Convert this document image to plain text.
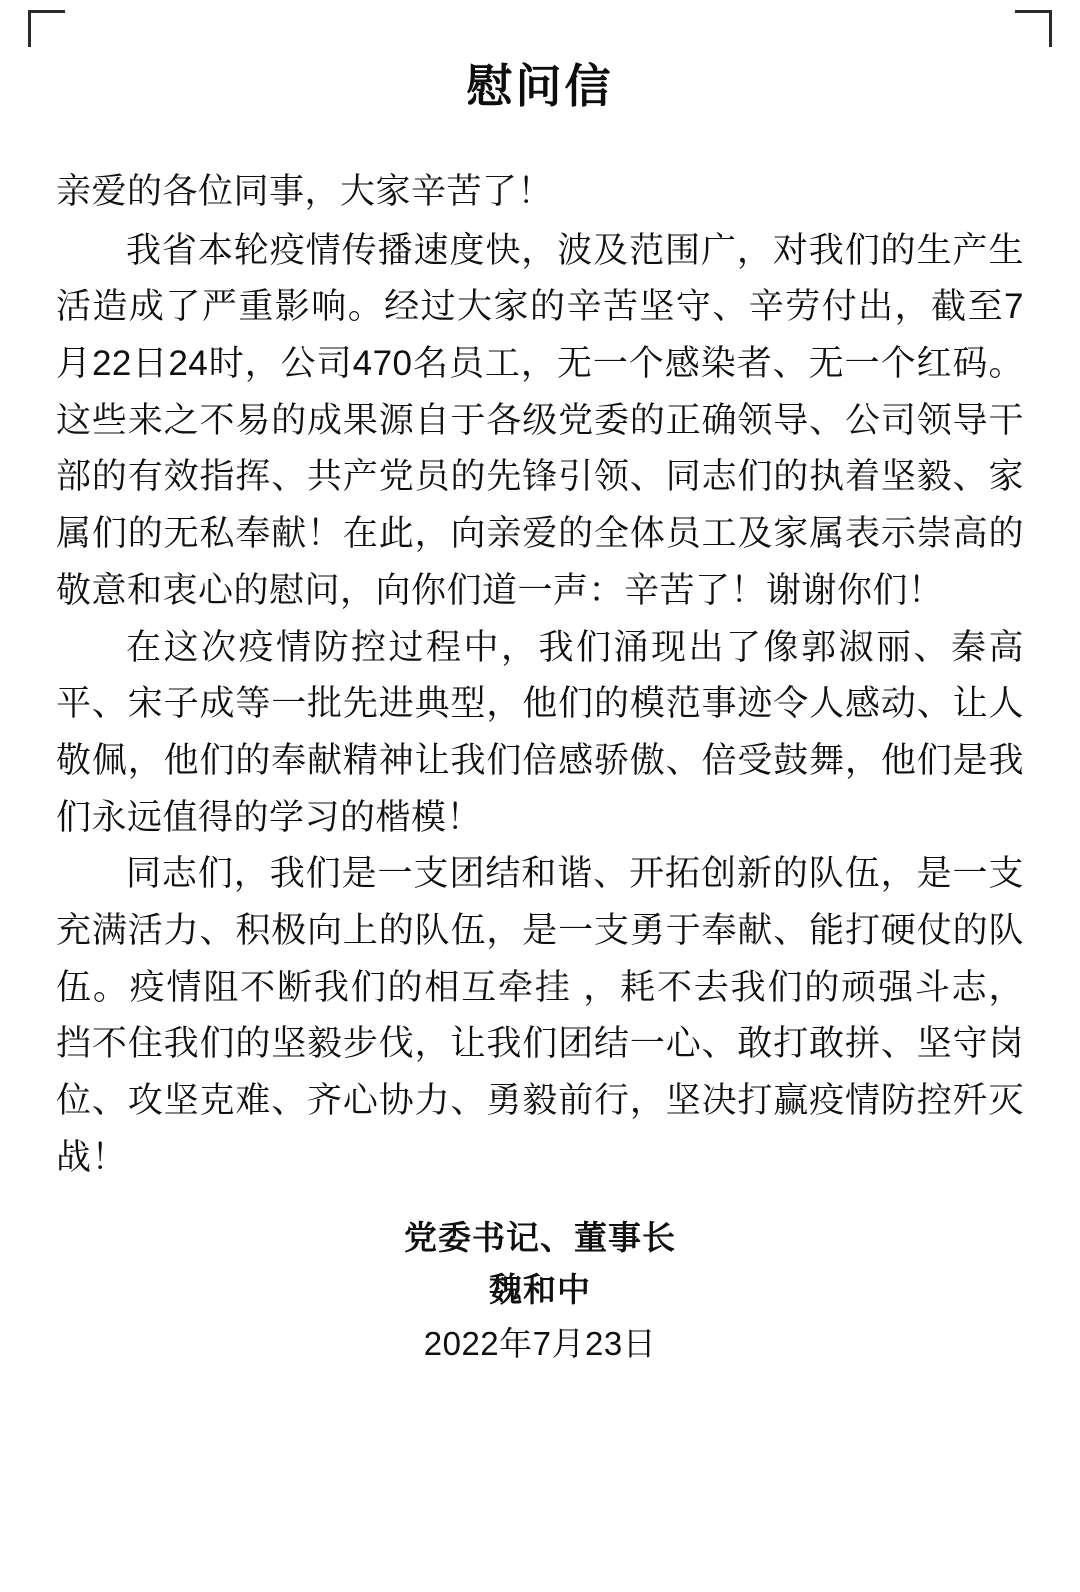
慰问信

亲爱的各位同事，大家辛苦了！

我省本轮疫情传播速度快，波及范围广，对我们的生产生活造成了严重影响。经过大家的辛苦坚守、辛劳付出，截至7月22日24时，公司470名员工，无一个感染者、无一个红码。这些来之不易的成果源自于各级党委的正确领导、公司领导干部的有效指挥、共产党员的先锋引领、同志们的执着坚毅、家属们的无私奉献！在此，向亲爱的全体员工及家属表示崇高的敬意和衷心的慰问，向你们道一声：辛苦了！谢谢你们！

在这次疫情防控过程中，我们涌现出了像郭淑丽、秦高平、宋子成等一批先进典型，他们的模范事迹令人感动、让人敬佩，他们的奉献精神让我们倍感骄傲、倍受鼓舞，他们是我们永远值得的学习的楷模！

同志们，我们是一支团结和谐、开拓创新的队伍，是一支充满活力、积极向上的队伍，是一支勇于奉献、能打硬仗的队伍。疫情阻不断我们的相互牵挂 ，耗不去我们的顽强斗志，挡不住我们的坚毅步伐，让我们团结一心、敢打敢拼、坚守岗位、攻坚克难、齐心协力、勇毅前行，坚决打赢疫情防控歼灭战！

党委书记、董事长
魏和中
2022年7月23日
